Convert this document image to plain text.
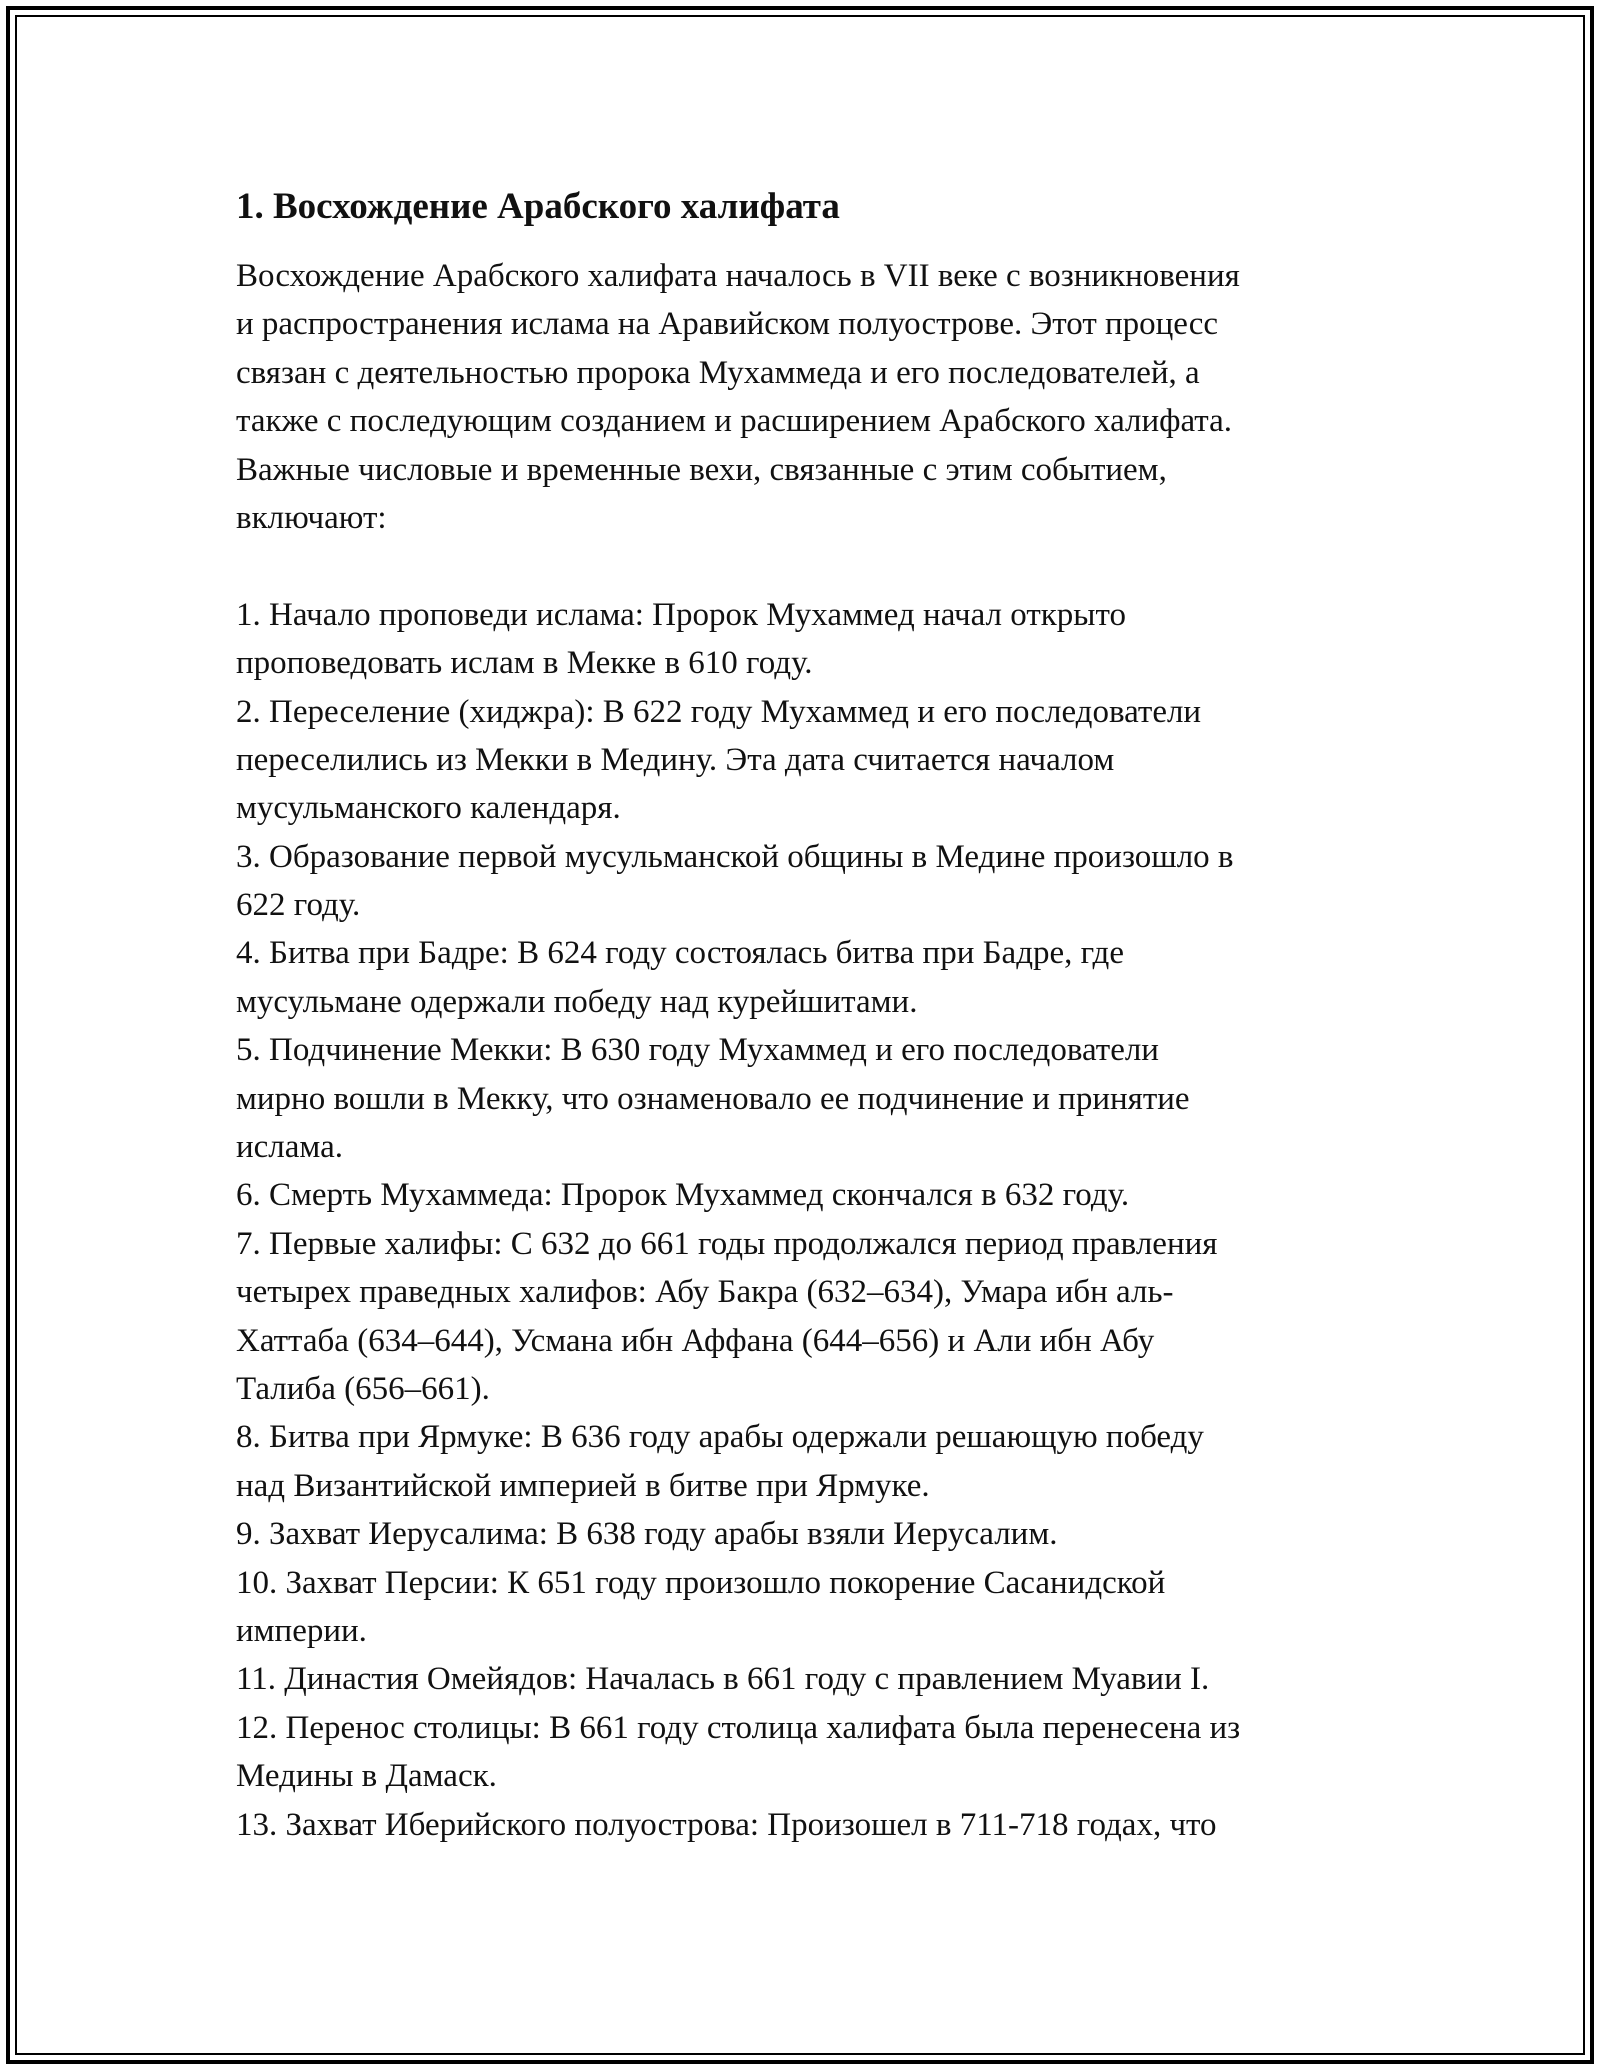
1. Восхождение Арабского халифата
Восхождение Арабского халифата началось в VII веке с возникновения
и распространения ислама на Аравийском полуострове. Этот процесс
связан с деятельностью пророка Мухаммеда и его последователей, а
также с последующим созданием и расширением Арабского халифата.
Важные числовые и временные вехи, связанные с этим событием,
включают:
1. Начало проповеди ислама: Пророк Мухаммед начал открыто
проповедовать ислам в Мекке в 610 году.
2. Переселение (хиджра): В 622 году Мухаммед и его последователи
переселились из Мекки в Медину. Эта дата считается началом
мусульманского календаря.
3. Образование первой мусульманской общины в Медине произошло в
622 году.
4. Битва при Бадре: В 624 году состоялась битва при Бадре, где
мусульмане одержали победу над курейшитами.
5. Подчинение Мекки: В 630 году Мухаммед и его последователи
мирно вошли в Мекку, что ознаменовало ее подчинение и принятие
ислама.
6. Смерть Мухаммеда: Пророк Мухаммед скончался в 632 году.
7. Первые халифы: С 632 до 661 годы продолжался период правления
четырех праведных халифов: Абу Бакра (632–634), Умара ибн аль-
Хаттаба (634–644), Усмана ибн Аффана (644–656) и Али ибн Абу
Талиба (656–661).
8. Битва при Ярмуке: В 636 году арабы одержали решающую победу
над Византийской империей в битве при Ярмуке.
9. Захват Иерусалима: В 638 году арабы взяли Иерусалим.
10. Захват Персии: К 651 году произошло покорение Сасанидской
империи.
11. Династия Омейядов: Началась в 661 году с правлением Муавии I.
12. Перенос столицы: В 661 году столица халифата была перенесена из
Медины в Дамаск.
13. Захват Иберийского полуострова: Произошел в 711-718 годах, что
